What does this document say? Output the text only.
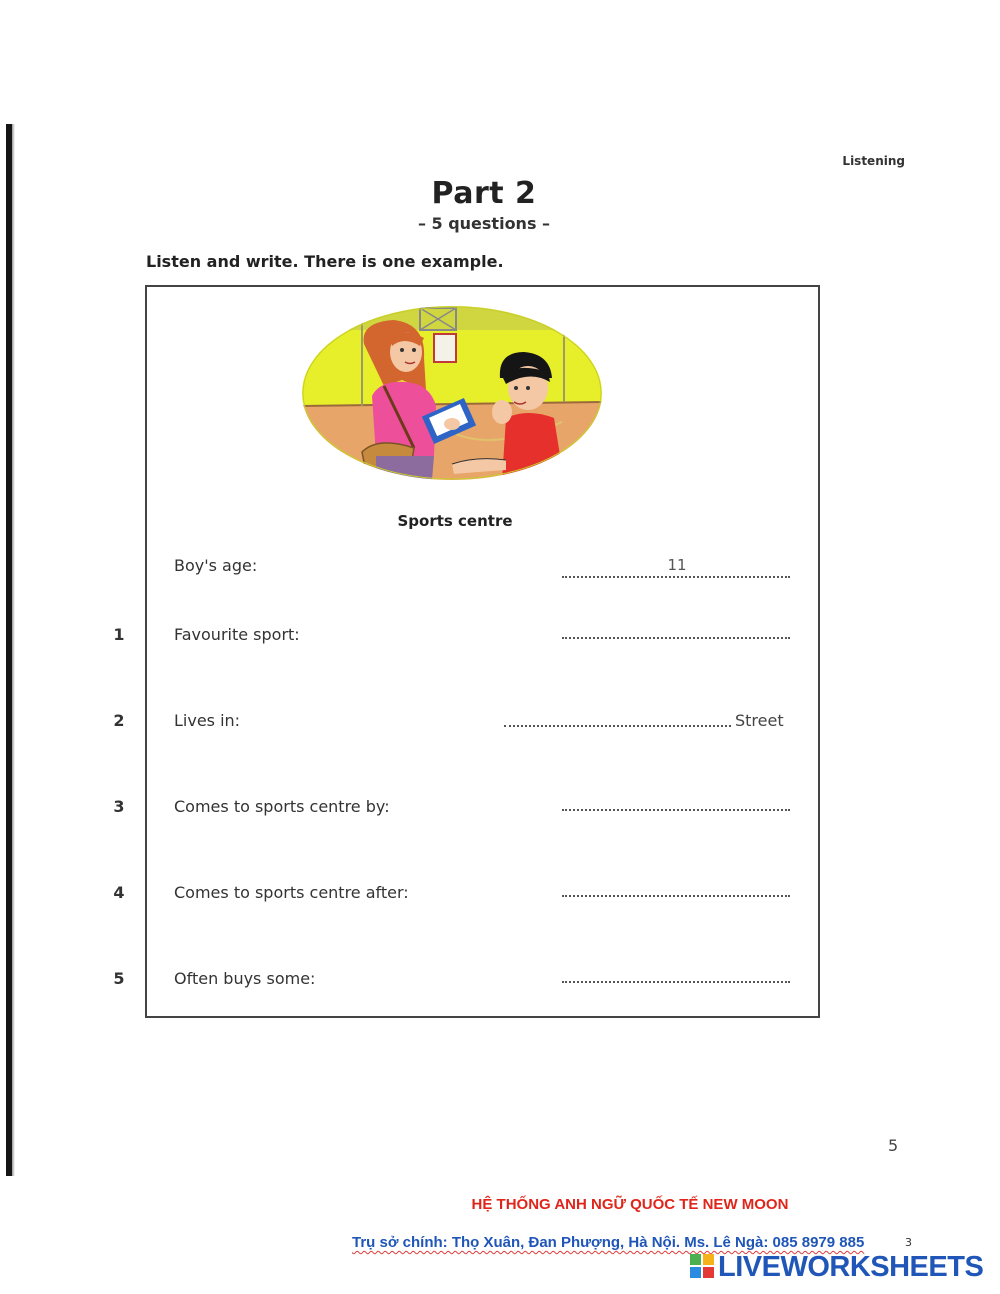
Listening
Part 2
– 5 questions –
Listen and write. There is one example.
Sports centre
Boy's age:	11
1	Favourite sport:
2	Lives in:	Street
3	Comes to sports centre by:
4	Comes to sports centre after:
5	Often buys some:
5
HỆ THỐNG ANH NGỮ QUỐC TẾ NEW MOON
Trụ sở chính: Thọ Xuân, Đan Phượng, Hà Nội. Ms. Lê Ngà: 085 8979 885	3
LIVEWORKSHEETS
